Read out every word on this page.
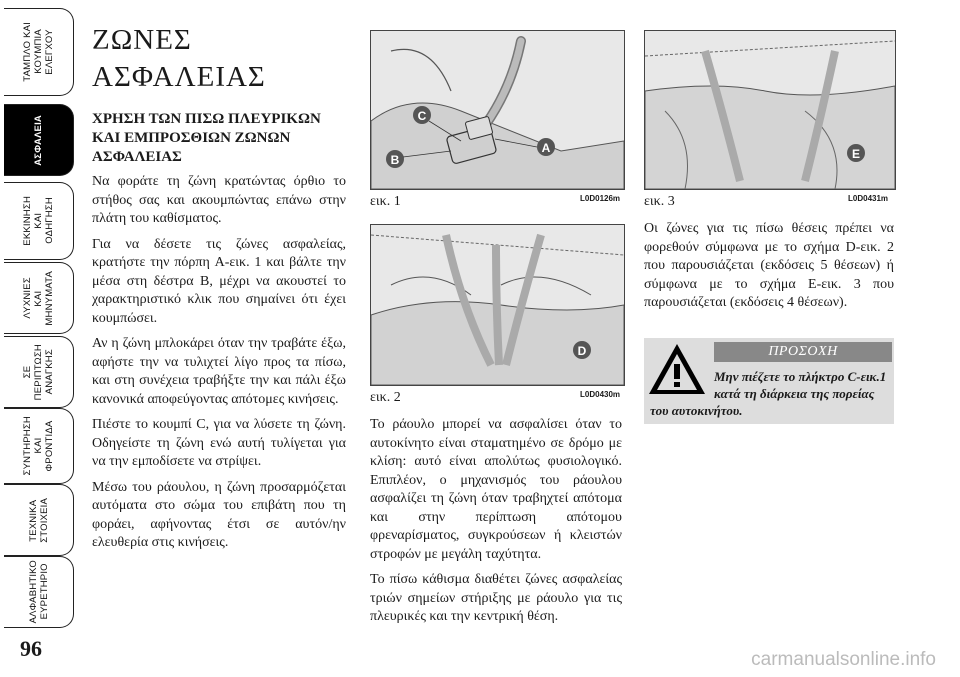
ΤΑΜΠΛΟ ΚΑΙ
ΚΟΥΜΠΙΑ
ΕΛΕΓΧΟΥ
ΑΣΦΑΛΕΙΑ
ΕΚΚΙΝΗΣΗ
ΚΑΙ
ΟΔΗΓΗΣΗ
ΛΥΧΝΙΕΣ
ΚΑΙ
ΜΗΝΥΜΑΤΑ
ΣΕ
ΠΕΡΙΠΤΩΣΗ
ΑΝΑΓΚΗΣ
ΣΥΝΤΗΡΗΣΗ
ΚΑΙ
ΦΡΟΝΤΙΔΑ
ΤΕΧΝΙΚΑ
ΣΤΟΙΧΕΙΑ
ΑΛΦΑΒΗΤΙΚΟ
ΕΥΡΕΤΗΡΙΟ
96
ΖΩΝΕΣ
ΑΣΦΑΛΕΙΑΣ
ΧΡΗΣΗ ΤΩΝ ΠΙΣΩ ΠΛΕΥΡΙΚΩΝ ΚΑΙ ΕΜΠΡΟΣΘΙΩΝ ΖΩΝΩΝ ΑΣΦΑΛΕΙΑΣ

Να φοράτε τη ζώνη κρατώντας όρθιο το στήθος σας και ακουμπώντας επάνω στην πλάτη του καθίσματος.

Για να δέσετε τις ζώνες ασφαλείας, κρατήστε την πόρπη A-εικ. 1 και βάλτε την μέσα στη δέστρα B, μέχρι να ακουστεί το χαρακτηριστικό κλικ που σημαίνει ότι έχει κουμπώσει.

Αν η ζώνη μπλοκάρει όταν την τραβάτε έξω, αφήστε την να τυλιχτεί λίγο προς τα πίσω, και στη συνέχεια τραβήξτε την και πάλι έξω κανονικά αποφεύγοντας απότομες κινήσεις.

Πιέστε το κουμπί C, για να λύσετε τη ζώνη. Οδηγείστε τη ζώνη ενώ αυτή τυλίγεται για να την εμποδίσετε να στρίψει.

Μέσω του ράουλου, η ζώνη προσαρμόζεται αυτόματα στο σώμα του επιβάτη που τη φοράει, αφήνοντας έτσι σε αυτόν/ην ελευθερία στις κινήσεις.

C
B
A
εικ. 1	L0D0126m
D
εικ. 2	L0D0430m

Το ράουλο μπορεί να ασφαλίσει όταν το αυτοκίνητο είναι σταματημένο σε δρόμο με κλίση: αυτό είναι απολύτως φυσιολογικό. Επιπλέον, ο μηχανισμός του ράουλου ασφαλίζει τη ζώνη όταν τραβηχτεί απότομα και στην περίπτωση απότομου φρεναρίσματος, συγκρούσεων ή κλειστών στροφών με μεγάλη ταχύτητα.

Το πίσω κάθισμα διαθέτει ζώνες ασφαλείας τριών σημείων στήριξης με ράουλο για τις πλευρικές και την κεντρική θέση.

E
εικ. 3	L0D0431m

Οι ζώνες για τις πίσω θέσεις πρέπει να φορεθούν σύμφωνα με το σχήμα D-εικ. 2 που παρουσιάζεται (εκδόσεις 5 θέσεων) ή σύμφωνα με το σχήμα E-εικ. 3 που παρουσιάζεται (εκδόσεις 4 θέσεων).

ΠΡΟΣΟΧΗ
Μην πιέζετε το πλήκτρο C-εικ.1 κατά τη διάρκεια της πορείας
του αυτοκινήτου.
carmanualsonline.info
